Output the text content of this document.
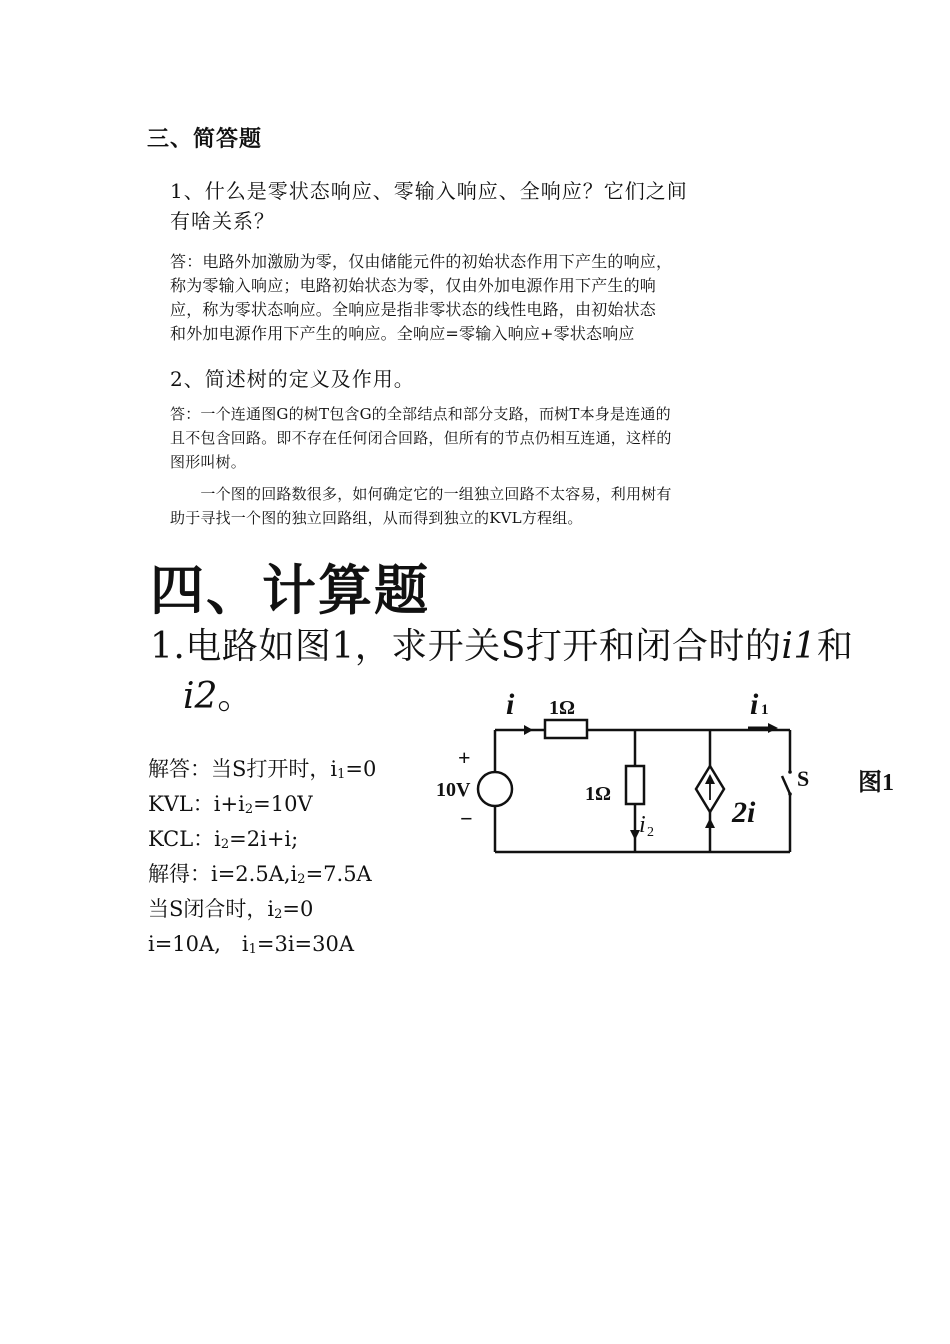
三、简答题
1、什么是零状态响应、零输入响应、全响应？它们之间
有啥关系？
答：电路外加激励为零，仅由储能元件的初始状态作用下产生的响应，
称为零输入响应；电路初始状态为零，仅由外加电源作用下产生的响
应，称为零状态响应。全响应是指非零状态的线性电路，由初始状态
和外加电源作用下产生的响应。全响应=零输入响应+零状态响应
2、简述树的定义及作用。
答：一个连通图G的树T包含G的全部结点和部分支路，而树T本身是连通的
且不包含回路。即不存在任何闭合回路，但所有的节点仍相互连通，这样的
图形叫树。
　　一个图的回路数很多，如何确定它的一组独立回路不太容易，利用树有
助于寻找一个图的独立回路组，从而得到独立的KVL方程组。
四、计算题
1.电路如图1，求开关S打开和闭合时的i1和
i2。
解答：当S打开时，$i_1=0$
KVL：$i+i_2=10V$
KCL：$i_2=2i+i$;
解得：$i=2.5A,i_2=7.5A$
当S闭合时，$i_2=0$
i=10A,　$i_1=3i=30A$
i 1Ω	i 1
+
10V
−
1Ω
i 2
2i
S 图1
